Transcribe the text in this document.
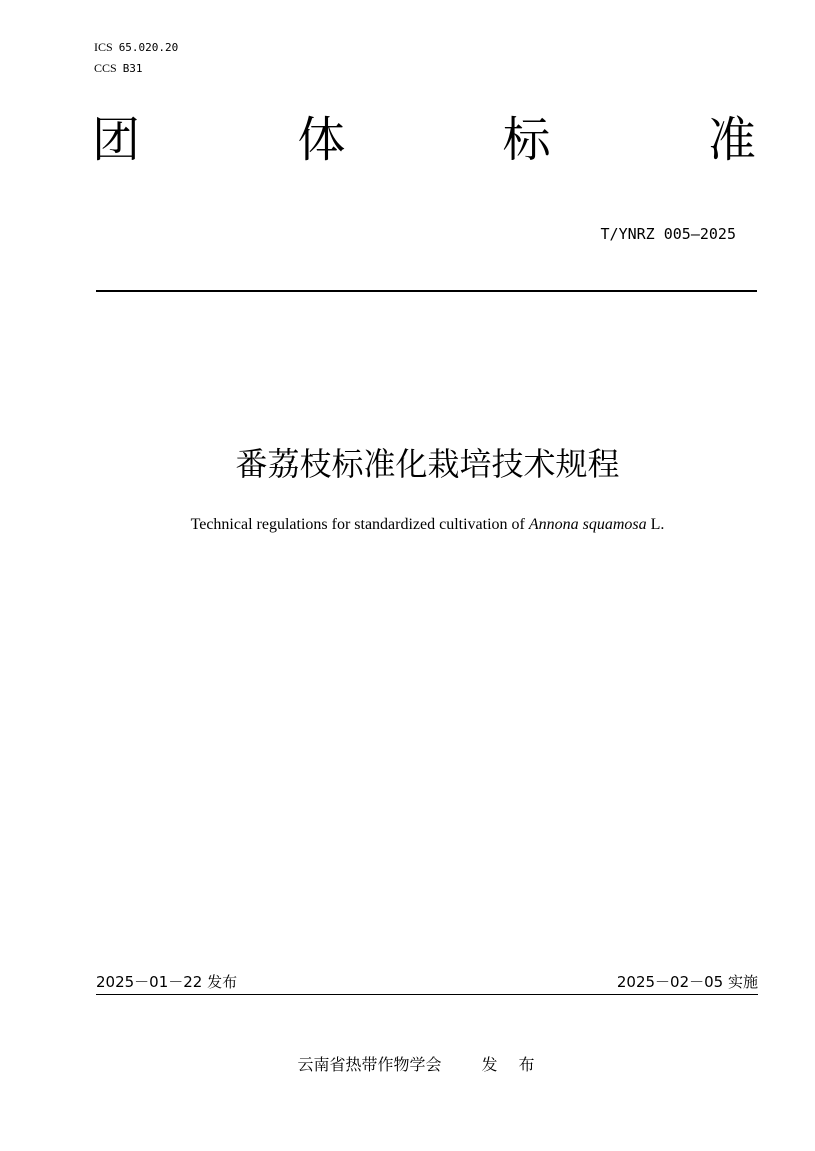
ICS 65.020.20
CCS B31
团	体	标	准
T/YNRZ 005—2025
番荔枝标准化栽培技术规程
Technical regulations for standardized cultivation of Annona squamosa L.
2025－01－22 发布	2025－02－05 实施
云南省热带作物学会	发 布
